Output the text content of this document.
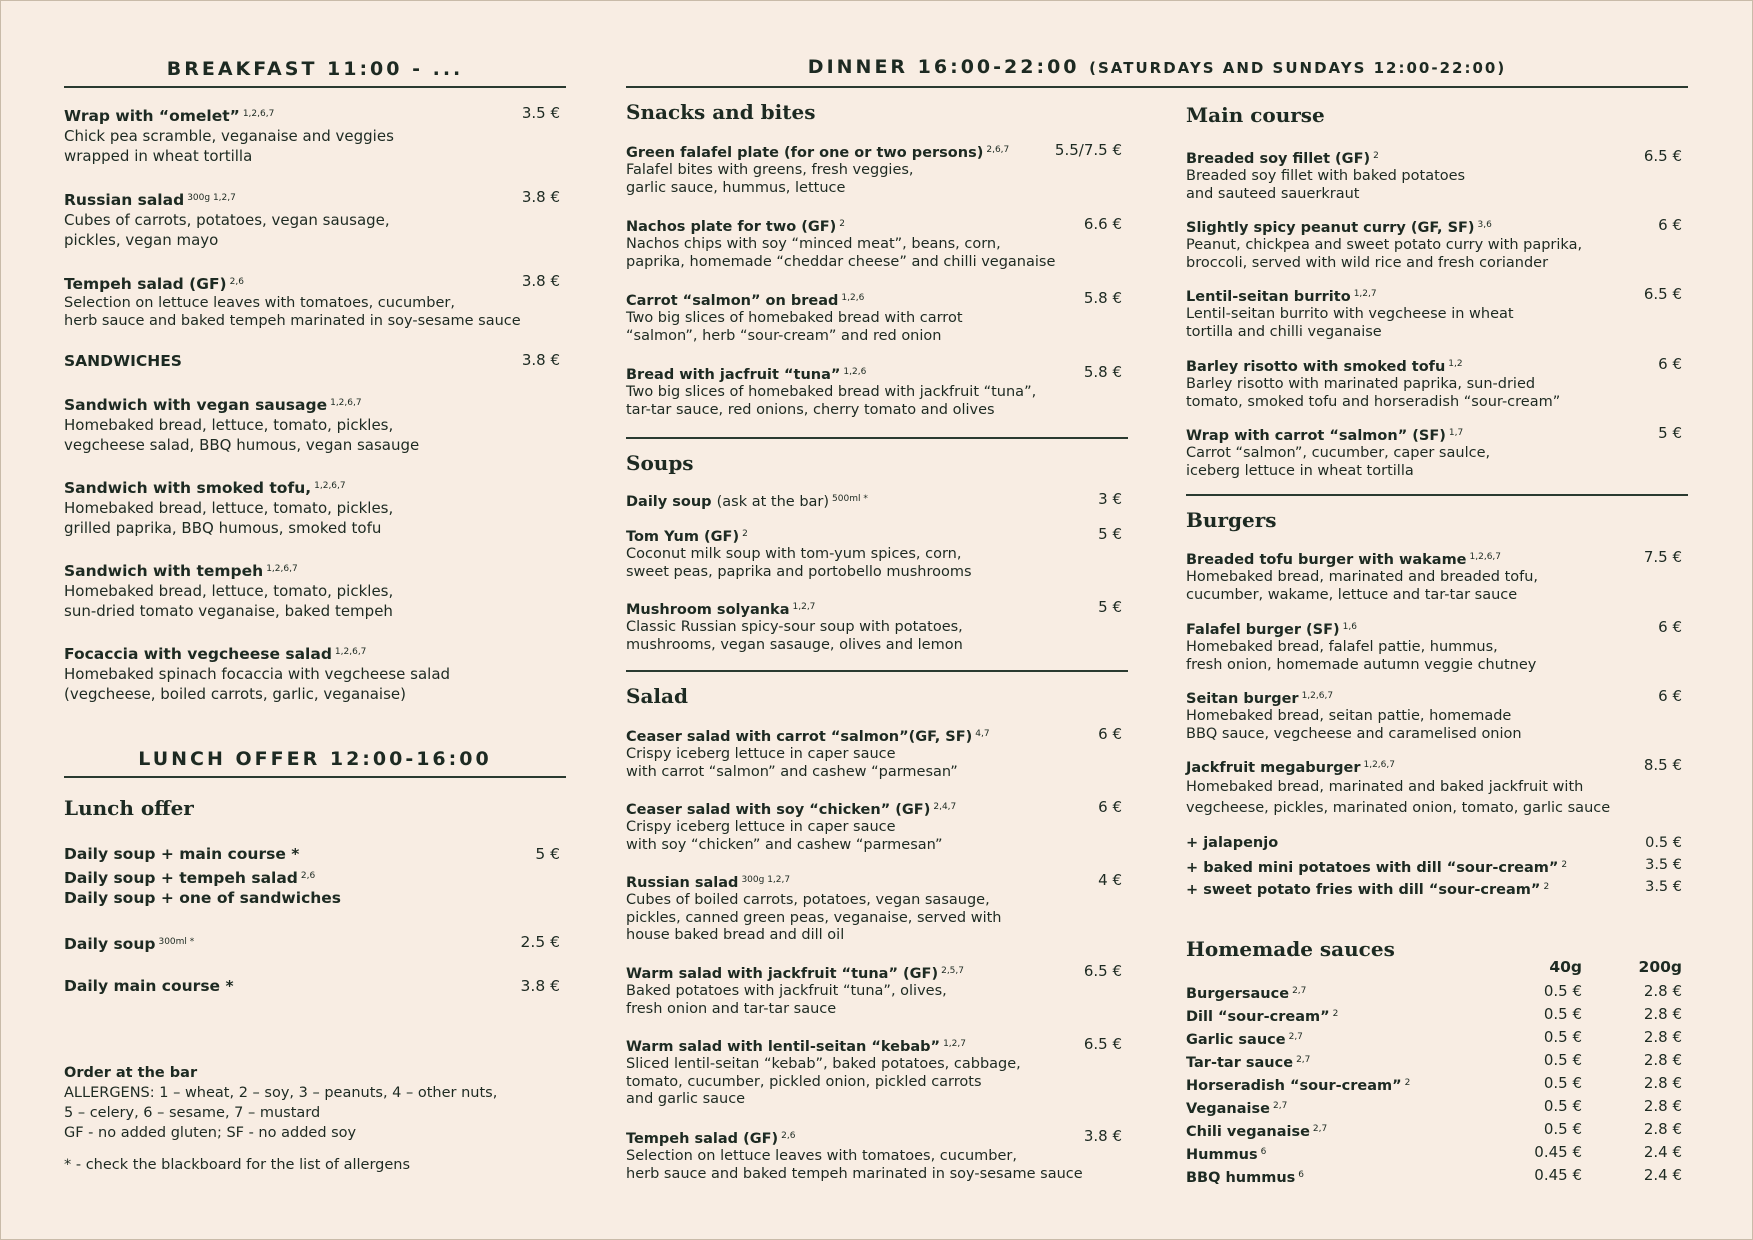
BREAKFAST 11:00 - ...
Wrap with “omelet” $^{1,2,6,7}$	3.5 €
Chick pea scramble, veganaise and veggies
wrapped in wheat tortilla
Russian salad $^{300g 1,2,7}$	3.8 €
Cubes of carrots, potatoes, vegan sausage,
pickles, vegan mayo
Tempeh salad (GF) $^{2,6}$	3.8 €
Selection on lettuce leaves with tomatoes, cucumber,
herb sauce and baked tempeh marinated in soy-sesame sauce
SANDWICHES	3.8 €
Sandwich with vegan sausage $^{1,2,6,7}$
Homebaked bread, lettuce, tomato, pickles,
vegcheese salad, BBQ humous, vegan sasauge
Sandwich with smoked tofu, $^{1,2,6,7}$
Homebaked bread, lettuce, tomato, pickles,
grilled paprika, BBQ humous, smoked tofu
Sandwich with tempeh $^{1,2,6,7}$
Homebaked bread, lettuce, tomato, pickles,
sun-dried tomato veganaise, baked tempeh
Focaccia with vegcheese salad $^{1,2,6,7}$
Homebaked spinach focaccia with vegcheese salad
(vegcheese, boiled carrots, garlic, veganaise)
LUNCH OFFER 12:00-16:00
Lunch offer
Daily soup + main course *	5 €
Daily soup + tempeh salad $^{2,6}$
Daily soup + one of sandwiches
Daily soup $^{300ml *}$	2.5 €
Daily main course *	3.8 €
Order at the bar
ALLERGENS: 1 – wheat, 2 – soy, 3 – peanuts, 4 – other nuts,
5 – celery, 6 – sesame, 7 – mustard
GF - no added gluten; SF - no added soy
* - check the blackboard for the list of allergens
DINNER 16:00-22:00 (SATURDAYS AND SUNDAYS 12:00-22:00)
Snacks and bites
Green falafel plate (for one or two persons) $^{2,6,7}$	5.5/7.5 €
Falafel bites with greens, fresh veggies,
garlic sauce, hummus, lettuce
Nachos plate for two (GF) $^2$	6.6 €
Nachos chips with soy “minced meat”, beans, corn,
paprika, homemade “cheddar cheese” and chilli veganaise
Carrot “salmon” on bread $^{1,2,6}$	5.8 €
Two big slices of homebaked bread with carrot
“salmon”, herb “sour-cream” and red onion
Bread with jacfruit “tuna” $^{1,2,6}$	5.8 €
Two big slices of homebaked bread with jackfruit “tuna”,
tar-tar sauce, red onions, cherry tomato and olives
Soups
Daily soup (ask at the bar) $^{500ml *}$	3 €
Tom Yum (GF) $^2$	5 €
Coconut milk soup with tom-yum spices, corn,
sweet peas, paprika and portobello mushrooms
Mushroom solyanka $^{1,2,7}$	5 €
Classic Russian spicy-sour soup with potatoes,
mushrooms, vegan sasauge, olives and lemon
Salad
Ceaser salad with carrot “salmon”(GF, SF) $^{4,7}$	6 €
Crispy iceberg lettuce in caper sauce
with carrot “salmon” and cashew “parmesan”
Ceaser salad with soy “chicken” (GF) $^{2,4,7}$	6 €
Crispy iceberg lettuce in caper sauce
with soy “chicken” and cashew “parmesan”
Russian salad $^{300g 1,2,7}$	4 €
Cubes of boiled carrots, potatoes, vegan sasauge,
pickles, canned green peas, veganaise, served with
house baked bread and dill oil
Warm salad with jackfruit “tuna” (GF) $^{2,5,7}$	6.5 €
Baked potatoes with jackfruit “tuna”, olives,
fresh onion and tar-tar sauce
Warm salad with lentil-seitan “kebab” $^{1,2,7}$	6.5 €
Sliced lentil-seitan “kebab”, baked potatoes, cabbage,
tomato, cucumber, pickled onion, pickled carrots
and garlic sauce
Tempeh salad (GF) $^{2,6}$	3.8 €
Selection on lettuce leaves with tomatoes, cucumber,
herb sauce and baked tempeh marinated in soy-sesame sauce
Main course
Breaded soy fillet (GF) $^2$	6.5 €
Breaded soy fillet with baked potatoes
and sauteed sauerkraut
Slightly spicy peanut curry (GF, SF) $^{3,6}$	6 €
Peanut, chickpea and sweet potato curry with paprika,
broccoli, served with wild rice and fresh coriander
Lentil-seitan burrito $^{1,2,7}$	6.5 €
Lentil-seitan burrito with vegcheese in wheat
tortilla and chilli veganaise
Barley risotto with smoked tofu $^{1,2}$	6 €
Barley risotto with marinated paprika, sun-dried
tomato, smoked tofu and horseradish “sour-cream”
Wrap with carrot “salmon” (SF) $^{1,7}$	5 €
Carrot “salmon”, cucumber, caper saulce,
iceberg lettuce in wheat tortilla
Burgers
Breaded tofu burger with wakame $^{1,2,6,7}$	7.5 €
Homebaked bread, marinated and breaded tofu,
cucumber, wakame, lettuce and tar-tar sauce
Falafel burger (SF) $^{1,6}$	6 €
Homebaked bread, falafel pattie, hummus,
fresh onion, homemade autumn veggie chutney
Seitan burger $^{1,2,6,7}$	6 €
Homebaked bread, seitan pattie, homemade
BBQ sauce, vegcheese and caramelised onion
Jackfruit megaburger $^{1,2,6,7}$	8.5 €
Homebaked bread, marinated and baked jackfruit with
vegcheese, pickles, marinated onion, tomato, garlic sauce
+ jalapenjo	0.5 €
+ baked mini potatoes with dill “sour-cream” $^2$	3.5 €
+ sweet potato fries with dill “sour-cream” $^2$	3.5 €
Homemade sauces
40g	200g
Burgersauce $^{2,7}$	0.5 €	2.8 €
Dill “sour-cream” $^2$	0.5 €	2.8 €
Garlic sauce $^{2,7}$	0.5 €	2.8 €
Tar-tar sauce $^{2,7}$	0.5 €	2.8 €
Horseradish “sour-cream” $^2$	0.5 €	2.8 €
Veganaise $^{2,7}$	0.5 €	2.8 €
Chili veganaise $^{2,7}$	0.5 €	2.8 €
Hummus $^6$	0.45 €	2.4 €
BBQ hummus $^6$	0.45 €	2.4 €
